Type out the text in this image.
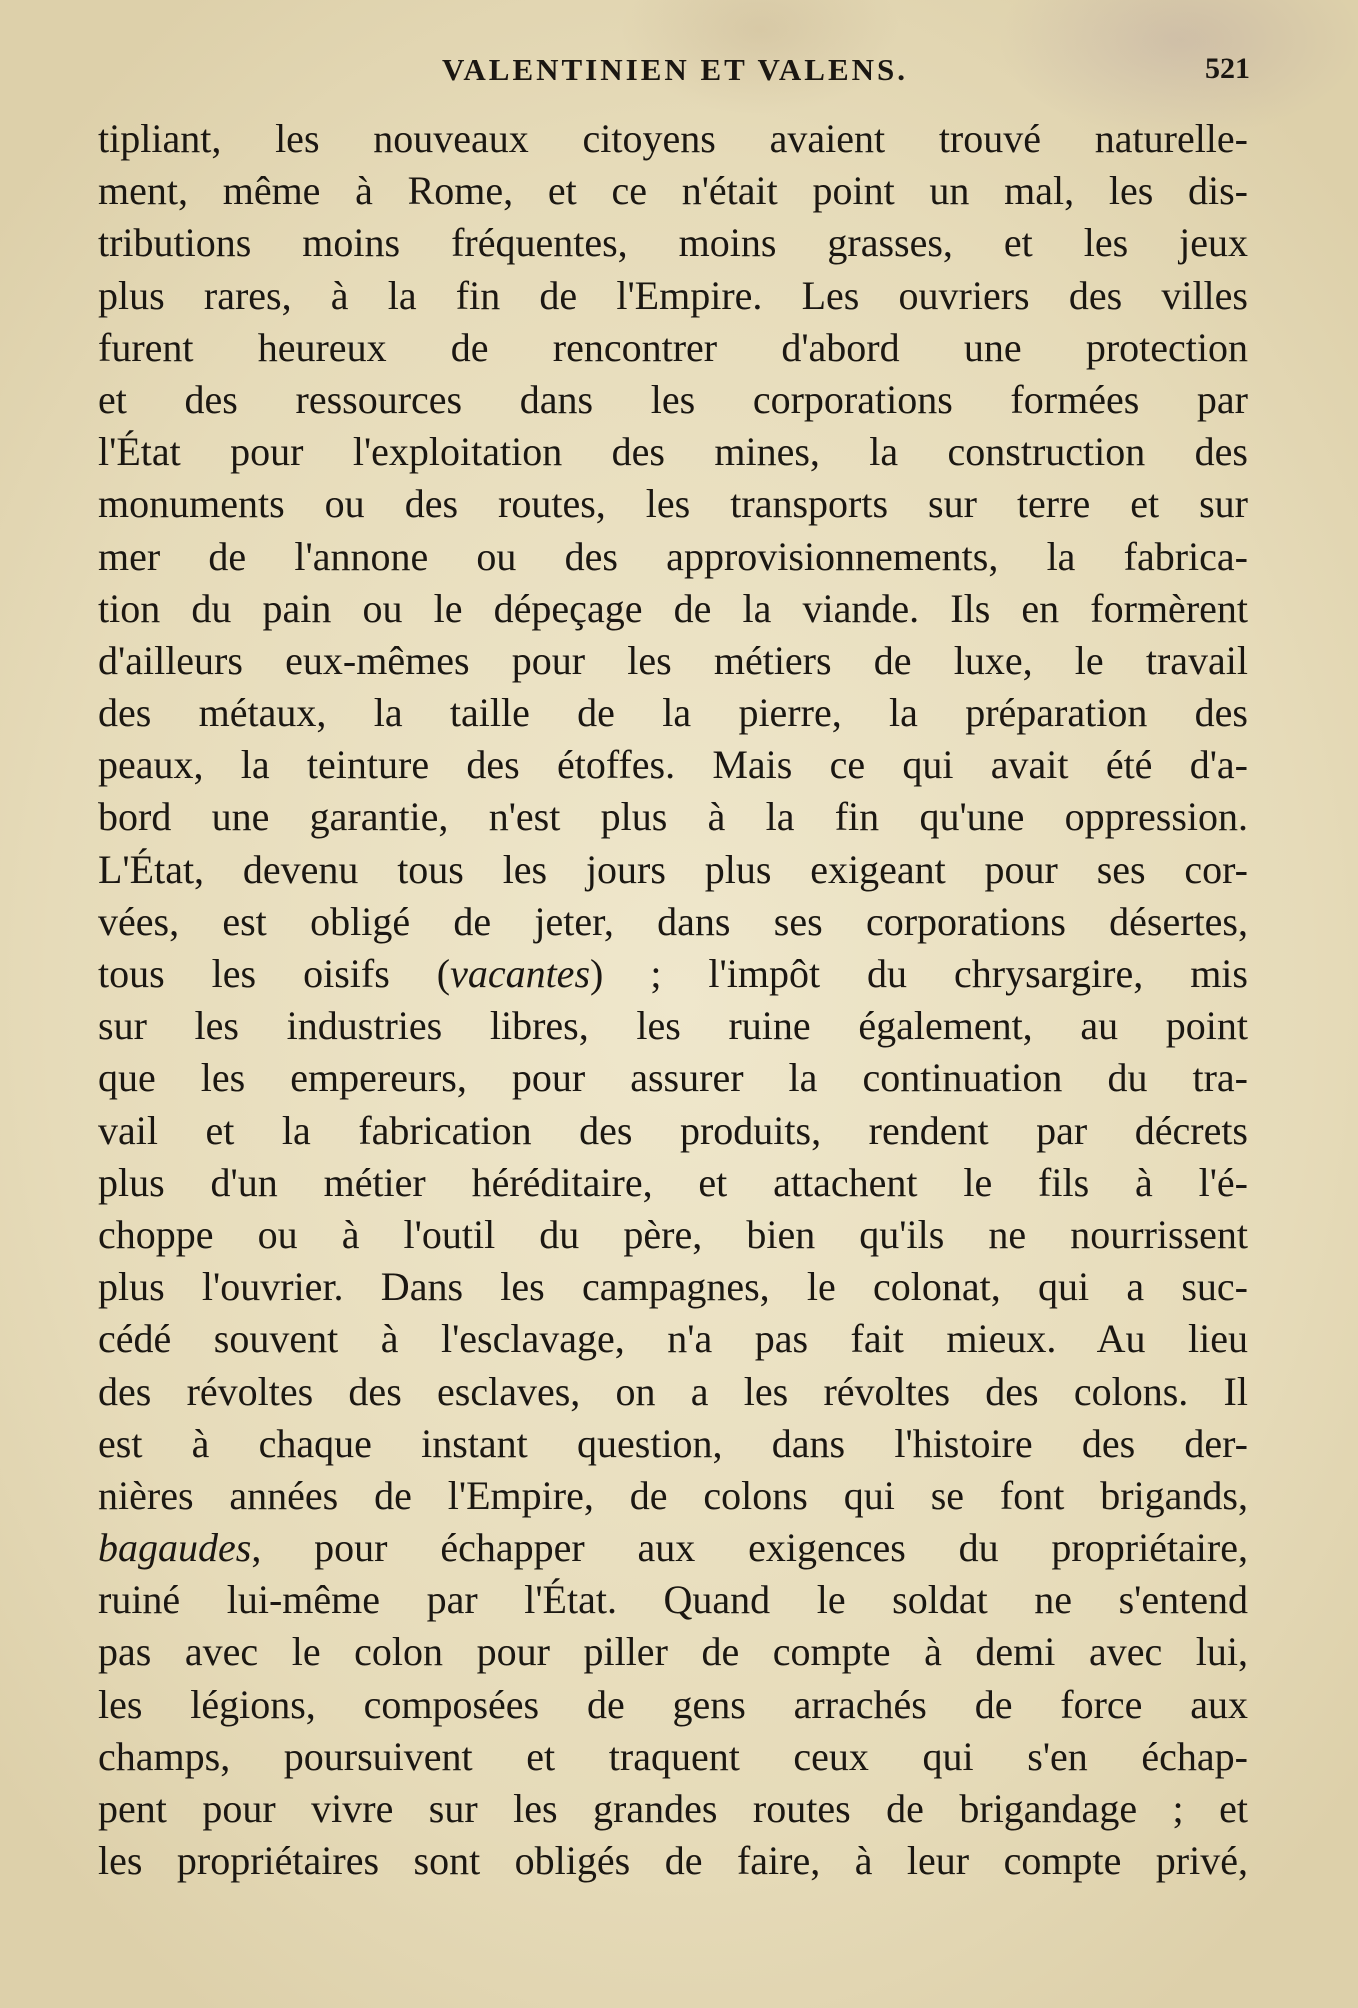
VALENTINIEN ET VALENS.	521
tipliant, les nouveaux citoyens avaient trouvé naturelle-
ment, même à Rome, et ce n'était point un mal, les dis-
tributions moins fréquentes, moins grasses, et les jeux
plus rares, à la fin de l'Empire. Les ouvriers des villes
furent heureux de rencontrer d'abord une protection
et des ressources dans les corporations formées par
l'État pour l'exploitation des mines, la construction des
monuments ou des routes, les transports sur terre et sur
mer de l'annone ou des approvisionnements, la fabrica-
tion du pain ou le dépeçage de la viande. Ils en formèrent
d'ailleurs eux-mêmes pour les métiers de luxe, le travail
des métaux, la taille de la pierre, la préparation des
peaux, la teinture des étoffes. Mais ce qui avait été d'a-
bord une garantie, n'est plus à la fin qu'une oppression.
L'État, devenu tous les jours plus exigeant pour ses cor-
vées, est obligé de jeter, dans ses corporations désertes,
tous les oisifs (vacantes) ; l'impôt du chrysargire, mis
sur les industries libres, les ruine également, au point
que les empereurs, pour assurer la continuation du tra-
vail et la fabrication des produits, rendent par décrets
plus d'un métier héréditaire, et attachent le fils à l'é-
choppe ou à l'outil du père, bien qu'ils ne nourrissent
plus l'ouvrier. Dans les campagnes, le colonat, qui a suc-
cédé souvent à l'esclavage, n'a pas fait mieux. Au lieu
des révoltes des esclaves, on a les révoltes des colons. Il
est à chaque instant question, dans l'histoire des der-
nières années de l'Empire, de colons qui se font brigands,
bagaudes, pour échapper aux exigences du propriétaire,
ruiné lui-même par l'État. Quand le soldat ne s'entend
pas avec le colon pour piller de compte à demi avec lui,
les légions, composées de gens arrachés de force aux
champs, poursuivent et traquent ceux qui s'en échap-
pent pour vivre sur les grandes routes de brigandage ; et
les propriétaires sont obligés de faire, à leur compte privé,
